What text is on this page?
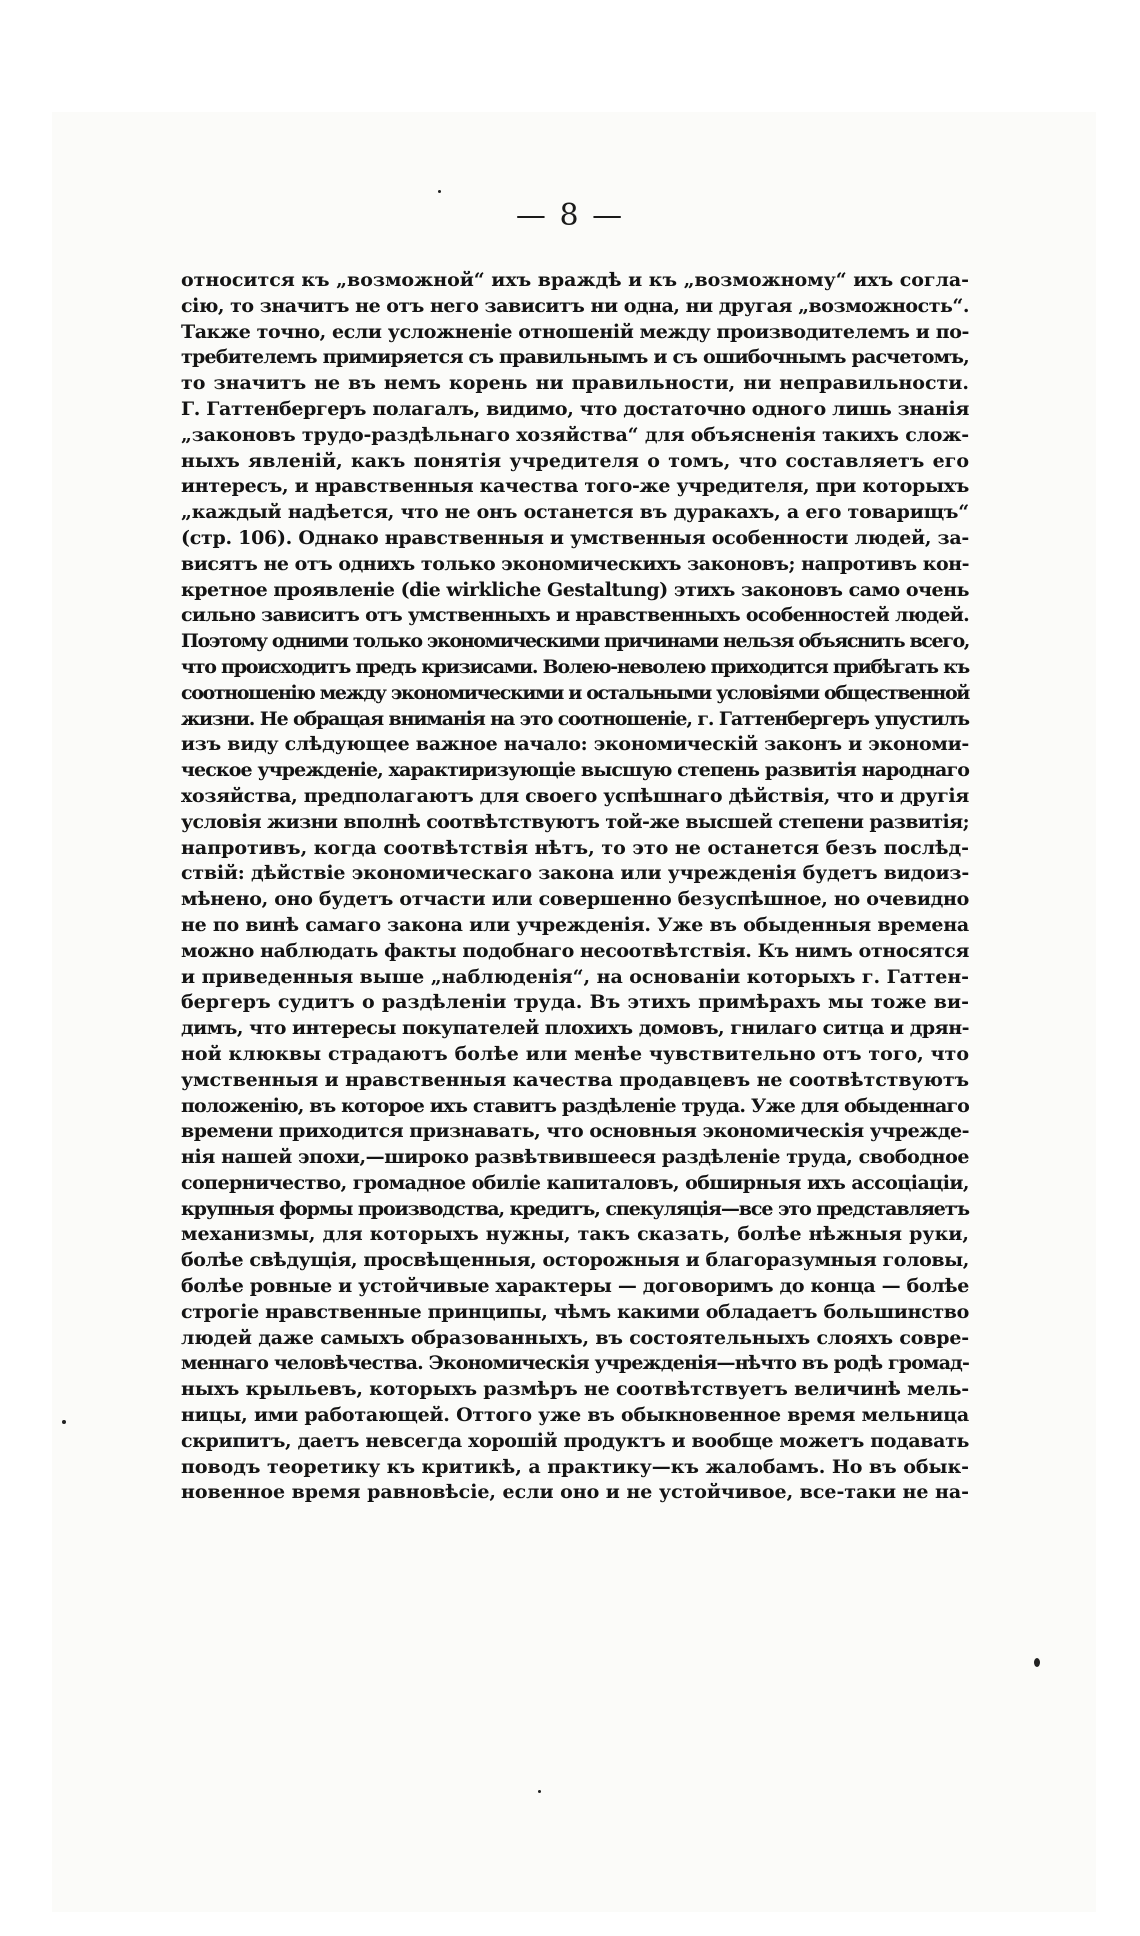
— 8 —
относится къ „возможной“ ихъ враждѣ и къ „возможному“ ихъ согла-
сію, то значитъ не отъ него зависитъ ни одна, ни другая „возможность“.
Также точно, если усложненіе отношеній между производителемъ и по-
требителемъ примиряется съ правильнымъ и съ ошибочнымъ расчетомъ,
то значитъ не въ немъ корень ни правильности, ни неправильности.
Г. Гаттенбергеръ полагалъ, видимо, что достаточно одного лишь знанія
„законовъ трудо-раздѣльнаго хозяйства“ для объясненія такихъ слож-
ныхъ явленій, какъ понятія учредителя о томъ, что составляетъ его
интересъ, и нравственныя качества того-же учредителя, при которыхъ
„каждый надѣется, что не онъ останется въ дуракахъ, а его товарищъ“
(стр. 106). Однако нравственныя и умственныя особенности людей, за-
висятъ не отъ однихъ только экономическихъ законовъ; напротивъ кон-
кретное проявленіе (die wirkliche Gestaltung) этихъ законовъ само очень
сильно зависитъ отъ умственныхъ и нравственныхъ особенностей людей.
Поэтому одними только экономическими причинами нельзя объяснить всего,
что происходитъ предъ кризисами. Волею-неволею приходится прибѣгать къ
соотношенію между экономическими и остальными условіями общественной
жизни. Не обращая вниманія на это соотношеніе, г. Гаттенбергеръ упустилъ
изъ виду слѣдующее важное начало: экономическій законъ и экономи-
ческое учрежденіе, характиризующіе высшую степень развитія народнаго
хозяйства, предполагаютъ для своего успѣшнаго дѣйствія, что и другія
условія жизни вполнѣ соотвѣтствуютъ той-же высшей степени развитія;
напротивъ, когда соотвѣтствія нѣтъ, то это не останется безъ послѣд-
ствій: дѣйствіе экономическаго закона или учрежденія будетъ видоиз-
мѣнено, оно будетъ отчасти или совершенно безуспѣшное, но очевидно
не по винѣ самаго закона или учрежденія. Уже въ обыденныя времена
можно наблюдать факты подобнаго несоотвѣтствія. Къ нимъ относятся
и приведенныя выше „наблюденія“, на основаніи которыхъ г. Гаттен-
бергеръ судитъ о раздѣленіи труда. Въ этихъ примѣрахъ мы тоже ви-
димъ, что интересы покупателей плохихъ домовъ, гнилаго ситца и дрян-
ной клюквы страдаютъ болѣе или менѣе чувствительно отъ того, что
умственныя и нравственныя качества продавцевъ не соотвѣтствуютъ
положенію, въ которое ихъ ставитъ раздѣленіе труда. Уже для обыденнаго
времени приходится признавать, что основныя экономическія учрежде-
нія нашей эпохи,—широко развѣтвившееся раздѣленіе труда, свободное
соперничество, громадное обиліе капиталовъ, обширныя ихъ ассоціаціи,
крупныя формы производства, кредитъ, спекуляція—все это представляетъ
механизмы, для которыхъ нужны, такъ сказать, болѣе нѣжныя руки,
болѣе свѣдущія, просвѣщенныя, осторожныя и благоразумныя головы,
болѣе ровные и устойчивые характеры — договоримъ до конца — болѣе
строгіе нравственные принципы, чѣмъ какими обладаетъ большинство
людей даже самыхъ образованныхъ, въ состоятельныхъ слояхъ совре-
меннаго человѣчества. Экономическія учрежденія—нѣчто въ родѣ громад-
ныхъ крыльевъ, которыхъ размѣръ не соотвѣтствуетъ величинѣ мель-
ницы, ими работающей. Оттого уже въ обыкновенное время мельница
скрипитъ, даетъ невсегда хорошій продуктъ и вообще можетъ подавать
поводъ теоретику къ критикѣ, а практику—къ жалобамъ. Но въ обык-
новенное время равновѣсіе, если оно и не устойчивое, все-таки не на-
